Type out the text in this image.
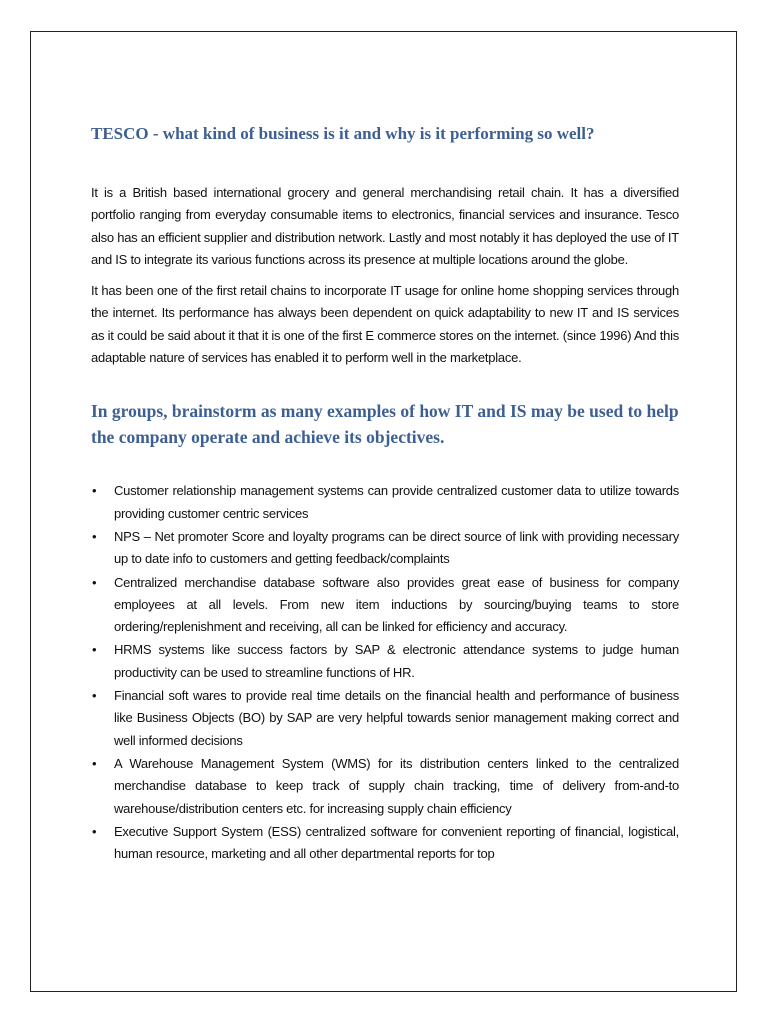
TESCO - what kind of business is it and why is it performing so well?

It is a British based international grocery and general merchandising retail chain. It has a diversified portfolio ranging from everyday consumable items to electronics, financial services and insurance. Tesco also has an efficient supplier and distribution network. Lastly and most notably it has deployed the use of IT and IS to integrate its various functions across its presence at multiple locations around the globe.

It has been one of the first retail chains to incorporate IT usage for online home shopping services through the internet. Its performance has always been dependent on quick adaptability to new IT and IS services as it could be said about it that it is one of the first E commerce stores on the internet. (since 1996) And this adaptable nature of services has enabled it to perform well in the marketplace.

In groups, brainstorm as many examples of how IT and IS may be used to help the company operate and achieve its objectives.
• Customer relationship management systems can provide centralized customer data to utilize towards providing customer centric services
• NPS – Net promoter Score and loyalty programs can be direct source of link with providing necessary up to date info to customers and getting feedback/complaints
• Centralized merchandise database software also provides great ease of business for company employees at all levels. From new item inductions by sourcing/buying teams to store ordering/replenishment and receiving, all can be linked for efficiency and accuracy.
• HRMS systems like success factors by SAP & electronic attendance systems to judge human productivity can be used to streamline functions of HR.
• Financial soft wares to provide real time details on the financial health and performance of business like Business Objects (BO) by SAP are very helpful towards senior management making correct and well informed decisions
• A Warehouse Management System (WMS) for its distribution centers linked to the centralized merchandise database to keep track of supply chain tracking, time of delivery from-and-to warehouse/distribution centers etc. for increasing supply chain efficiency
• Executive Support System (ESS) centralized software for convenient reporting of financial, logistical, human resource, marketing and all other departmental reports for top
